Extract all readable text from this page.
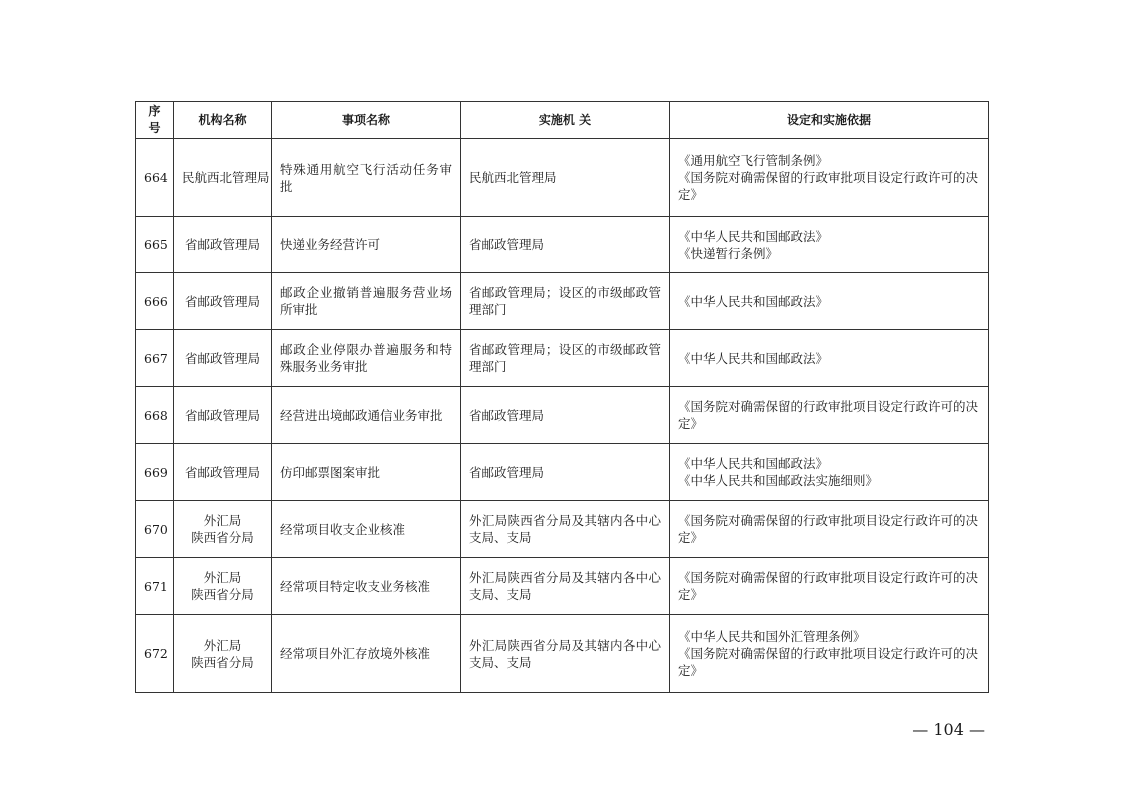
序号	机构名称	事项名称	实施机 关	设定和实施依据
664	民航西北管理局	特殊通用航空飞行活动任务审批	民航西北管理局	《通用航空飞行管制条例》
《国务院对确需保留的行政审批项目设定行政许可的决定》

665	省邮政管理局	快递业务经营许可	省邮政管理局	《中华人民共和国邮政法》
《快递暂行条例》

666	省邮政管理局	邮政企业撤销普遍服务营业场所审批	省邮政管理局；设区的市级邮政管理部门	《中华人民共和国邮政法》

667	省邮政管理局	邮政企业停限办普遍服务和特殊服务业务审批	省邮政管理局；设区的市级邮政管理部门	《中华人民共和国邮政法》

668	省邮政管理局	经营进出境邮政通信业务审批	省邮政管理局	《国务院对确需保留的行政审批项目设定行政许可的决定》

669	省邮政管理局	仿印邮票图案审批	省邮政管理局	《中华人民共和国邮政法》
《中华人民共和国邮政法实施细则》

670	外汇局
陕西省分局	经常项目收支企业核准	外汇局陕西省分局及其辖内各中心支局、支局	《国务院对确需保留的行政审批项目设定行政许可的决定》

671	外汇局
陕西省分局	经常项目特定收支业务核准	外汇局陕西省分局及其辖内各中心支局、支局	《国务院对确需保留的行政审批项目设定行政许可的决定》

672	外汇局
陕西省分局	经常项目外汇存放境外核准	外汇局陕西省分局及其辖内各中心支局、支局	《中华人民共和国外汇管理条例》
《国务院对确需保留的行政审批项目设定行政许可的决定》
— 104 —
